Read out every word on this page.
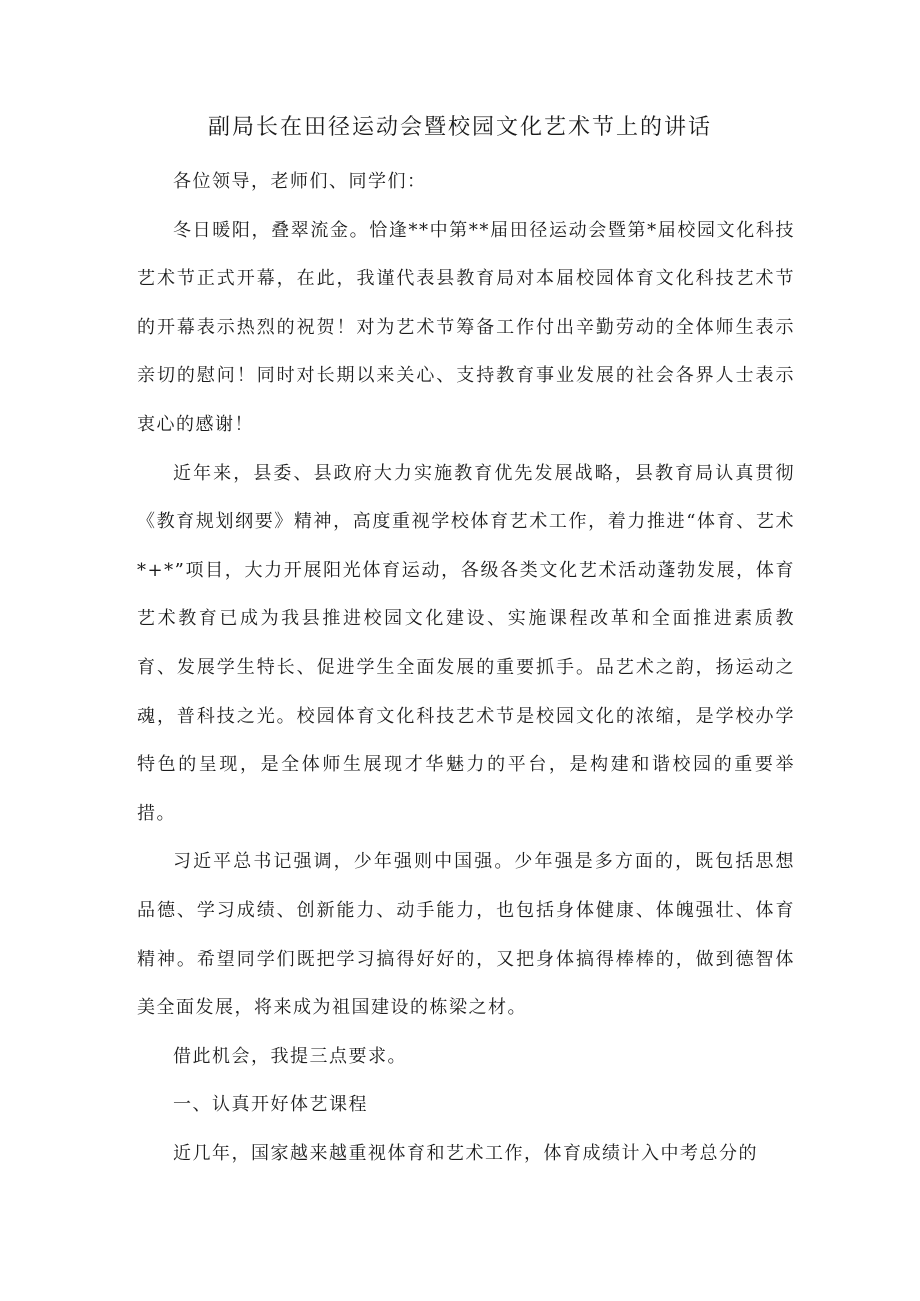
副局长在田径运动会暨校园文化艺术节上的讲话

各位领导，老师们、同学们：

冬日暖阳，叠翠流金。恰逢**中第**届田径运动会暨第*届校园文化科技艺术节正式开幕，在此，我谨代表县教育局对本届校园体育文化科技艺术节的开幕表示热烈的祝贺！对为艺术节筹备工作付出辛勤劳动的全体师生表示亲切的慰问！同时对长期以来关心、支持教育事业发展的社会各界人士表示衷心的感谢！

近年来，县委、县政府大力实施教育优先发展战略，县教育局认真贯彻《教育规划纲要》精神，高度重视学校体育艺术工作，着力推进“体育、艺术*+*”项目，大力开展阳光体育运动，各级各类文化艺术活动蓬勃发展，体育艺术教育已成为我县推进校园文化建设、实施课程改革和全面推进素质教育、发展学生特长、促进学生全面发展的重要抓手。品艺术之韵，扬运动之魂，普科技之光。校园体育文化科技艺术节是校园文化的浓缩，是学校办学特色的呈现，是全体师生展现才华魅力的平台，是构建和谐校园的重要举措。

习近平总书记强调，少年强则中国强。少年强是多方面的，既包括思想品德、学习成绩、创新能力、动手能力，也包括身体健康、体魄强壮、体育精神。希望同学们既把学习搞得好好的，又把身体搞得棒棒的，做到德智体美全面发展，将来成为祖国建设的栋梁之材。

借此机会，我提三点要求。

一、认真开好体艺课程

近几年，国家越来越重视体育和艺术工作，体育成绩计入中考总分的
